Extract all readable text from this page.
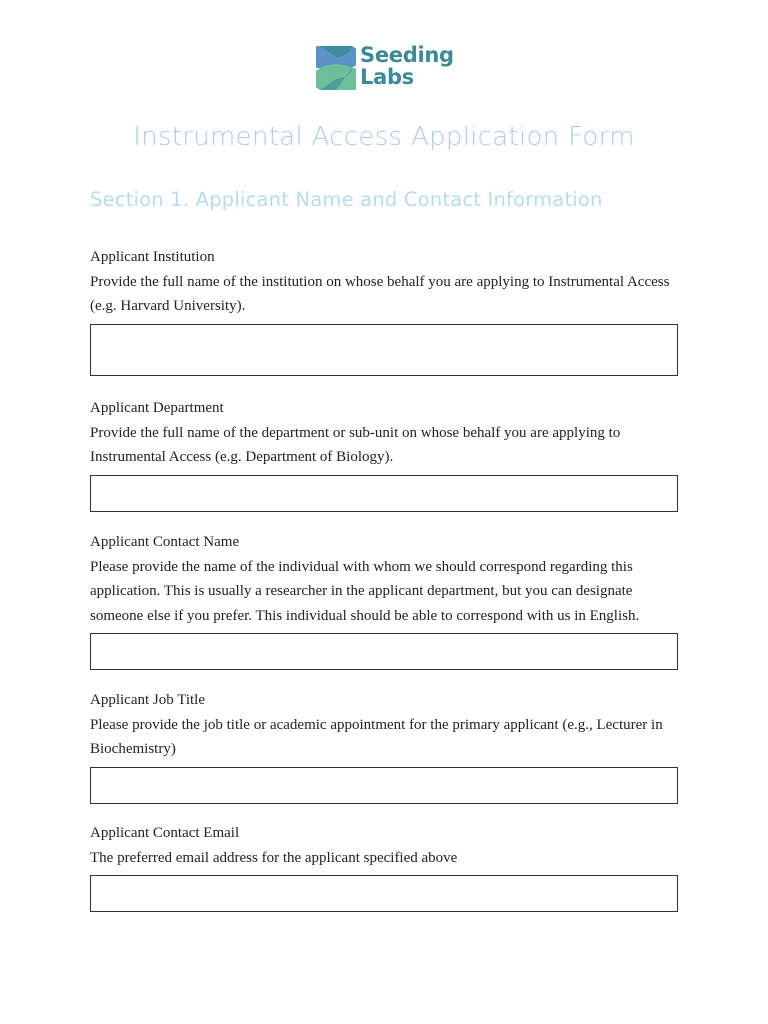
Seeding
Labs
Instrumental Access Application Form
Section 1. Applicant Name and Contact Information
Applicant Institution
Provide the full name of the institution on whose behalf you are applying to Instrumental Access (e.g. Harvard University).
Applicant Department
Provide the full name of the department or sub-unit on whose behalf you are applying to Instrumental Access (e.g. Department of Biology).
Applicant Contact Name
Please provide the name of the individual with whom we should correspond regarding this application. This is usually a researcher in the applicant department, but you can designate someone else if you prefer. This individual should be able to correspond with us in English.
Applicant Job Title
Please provide the job title or academic appointment for the primary applicant (e.g., Lecturer in Biochemistry)
Applicant Contact Email
The preferred email address for the applicant specified above
